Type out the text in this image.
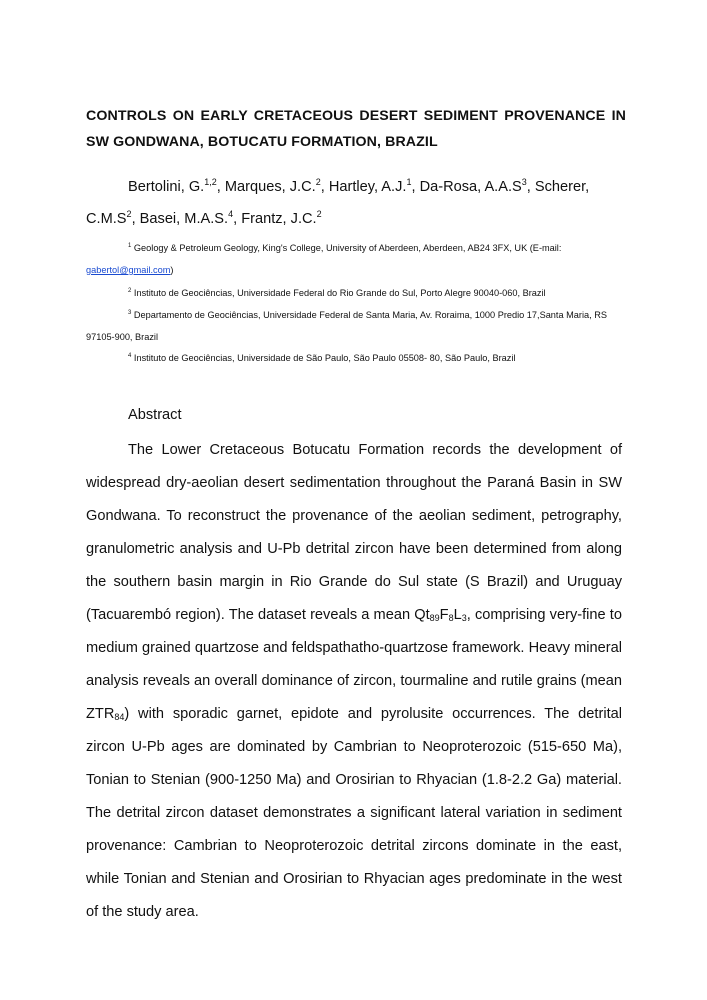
CONTROLS ON EARLY CRETACEOUS DESERT SEDIMENT PROVENANCE IN SW GONDWANA, BOTUCATU FORMATION, BRAZIL
Bertolini, G.$^{1,2}$, Marques, J.C.$^2$, Hartley, A.J.$^1$, Da-Rosa, $A.A.S^3$, Scherer, $C.M.S^2$, Basei, M.A.S.$^4$, Frantz, J.C.$^2$
$^1$ Geology & Petroleum Geology, King's College, University of Aberdeen, Aberdeen, AB24 3FX, UK (E-mail: gabertol@gmail.com)
$^2$ Instituto de Geociências, Universidade Federal do Rio Grande do Sul, Porto Alegre 90040-060, Brazil
$^3$ Departamento de Geociências, Universidade Federal de Santa Maria, Av. Roraima, 1000 Predio 17,Santa Maria, RS 97105-900, Brazil
$^4$ Instituto de Geociências, Universidade de São Paulo, São Paulo 05508- 80, São Paulo, Brazil
Abstract
The Lower Cretaceous Botucatu Formation records the development of widespread dry-aeolian desert sedimentation throughout the Paraná Basin in SW Gondwana. To reconstruct the provenance of the aeolian sediment, petrography, granulometric analysis and U-Pb detrital zircon have been determined from along the southern basin margin in Rio Grande do Sul state (S Brazil) and Uruguay (Tacuarembó region). The dataset reveals a mean $Qt_{89}F_8L_3$, comprising very-fine to medium grained quartzose and feldspathatho-quartzose framework. Heavy mineral analysis reveals an overall dominance of zircon, tourmaline and rutile grains (mean $ZTR_{84}$) with sporadic garnet, epidote and pyrolusite occurrences. The detrital zircon U-Pb ages are dominated by Cambrian to Neoproterozoic (515-650 Ma), Tonian to Stenian (900-1250 Ma) and Orosirian to Rhyacian (1.8-2.2 Ga) material. The detrital zircon dataset demonstrates a significant lateral variation in sediment provenance: Cambrian to Neoproterozoic detrital zircons dominate in the east, while Tonian and Stenian and Orosirian to Rhyacian ages predominate in the west of the study area.
